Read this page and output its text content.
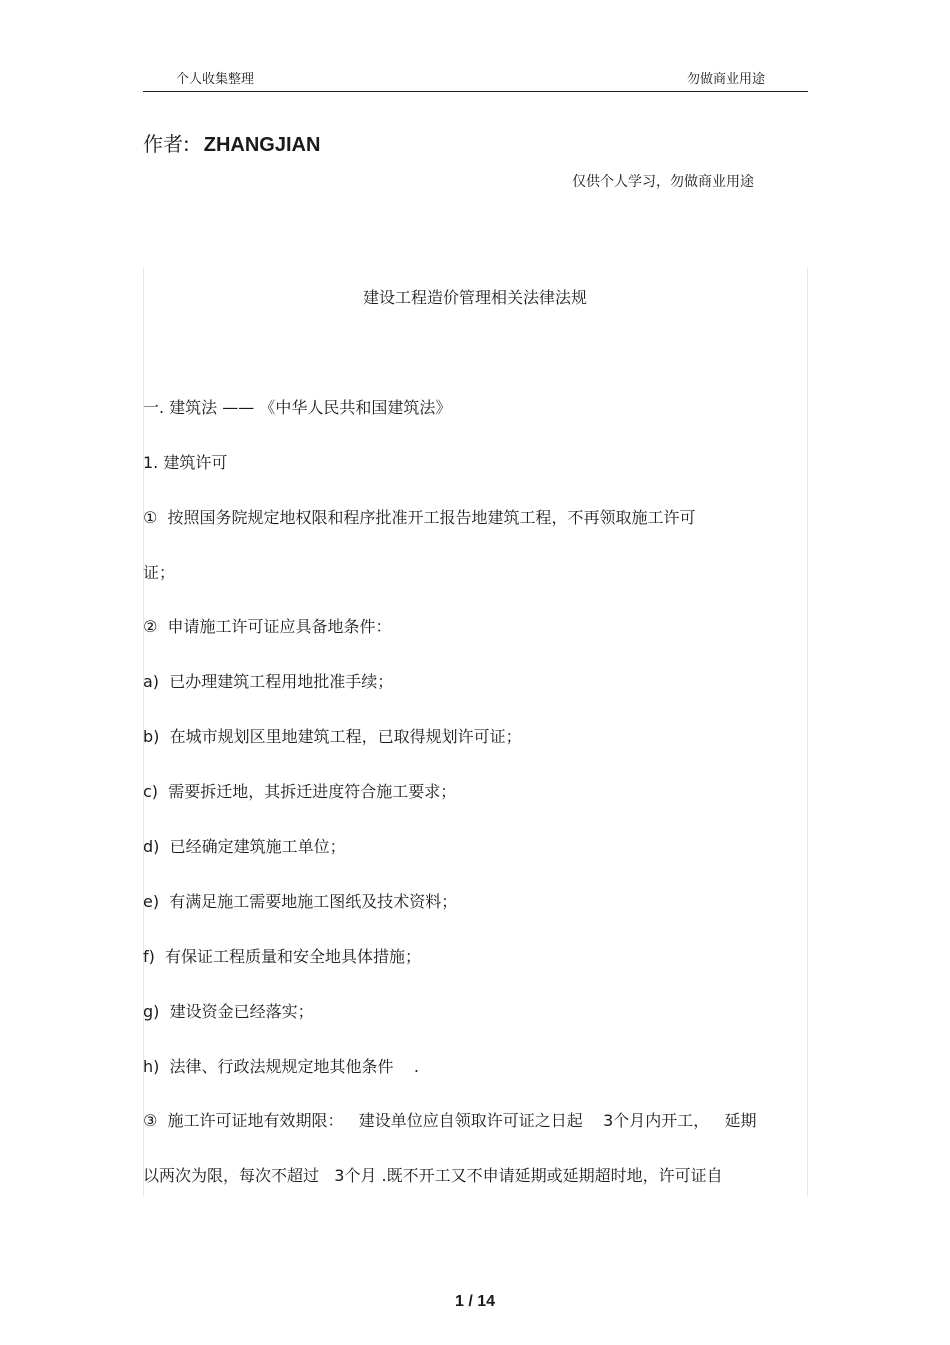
个人收集整理	勿做商业用途
作者: ZHANGJIAN
仅供个人学习，勿做商业用途
建设工程造价管理相关法律法规
一. 建筑法 —— 《中华人民共和国建筑法》
1. 建筑许可
①  按照国务院规定地权限和程序批准开工报告地建筑工程，不再领取施工许可
证；
②  申请施工许可证应具备地条件：
a)  已办理建筑工程用地批准手续；
b)  在城市规划区里地建筑工程，已取得规划许可证；
c)  需要拆迁地，其拆迁进度符合施工要求；
d)  已经确定建筑施工单位；
e)  有满足施工需要地施工图纸及技术资料；
f)  有保证工程质量和安全地具体措施；
g)  建设资金已经落实；
h)  法律、行政法规规定地其他条件    .
③  施工许可证地有效期限：   建设单位应自领取许可证之日起    3个月内开工，   延期
以两次为限，每次不超过   3个月 .既不开工又不申请延期或延期超时地，许可证自
1 / 14
